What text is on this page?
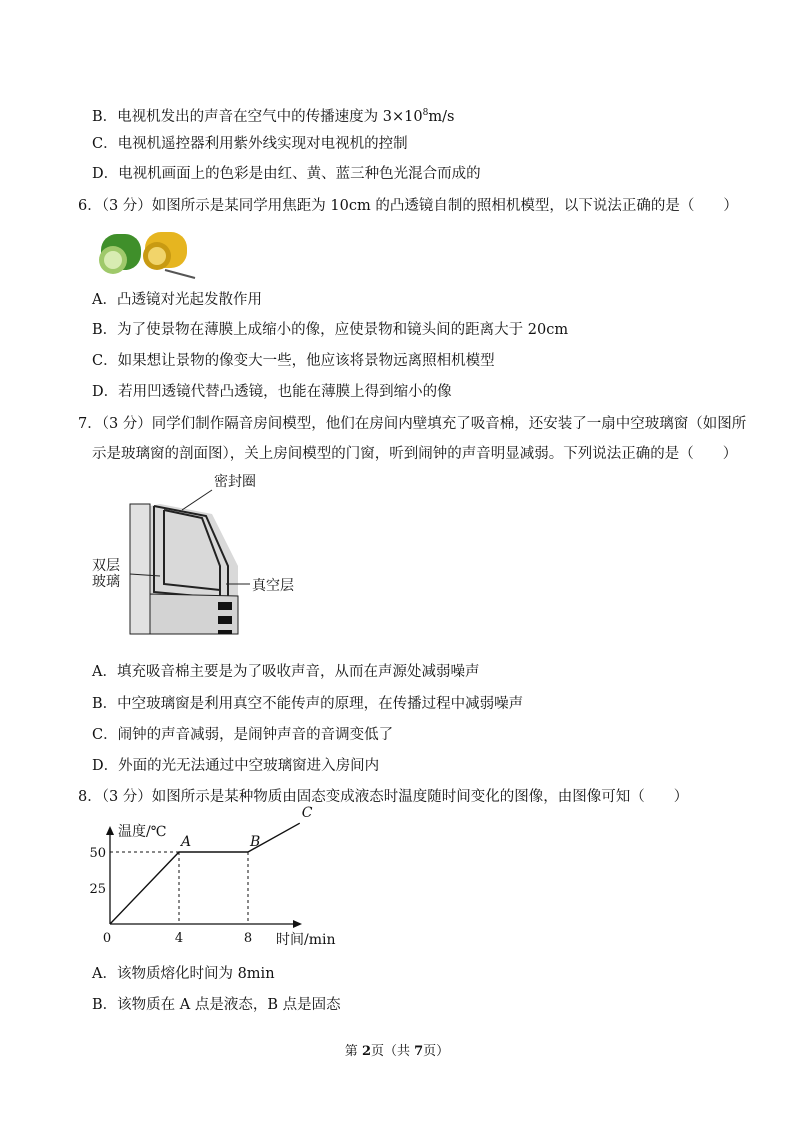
B．电视机发出的声音在空气中的传播速度为 $3\times 10^8m/s$
C．电视机遥控器利用紫外线实现对电视机的控制
D．电视机画面上的色彩是由红、黄、蓝三种色光混合而成的
6．（3 分）如图所示是某同学用焦距为 10cm 的凸透镜自制的照相机模型，以下说法正确的是（　　）
A．凸透镜对光起发散作用
B．为了使景物在薄膜上成缩小的像，应使景物和镜头间的距离大于 20cm
C．如果想让景物的像变大一些，他应该将景物远离照相机模型
D．若用凹透镜代替凸透镜，也能在薄膜上得到缩小的像
7．（3 分）同学们制作隔音房间模型，他们在房间内壁填充了吸音棉，还安装了一扇中空玻璃窗（如图所
示是玻璃窗的剖面图），关上房间模型的门窗，听到闹钟的声音明显减弱。下列说法正确的是（　　）
密封圈
双层
玻璃	真空层
A．填充吸音棉主要是为了吸收声音，从而在声源处减弱噪声
B．中空玻璃窗是利用真空不能传声的原理，在传播过程中减弱噪声
C．闹钟的声音减弱，是闹钟声音的音调变低了
D．外面的光无法通过中空玻璃窗进入房间内
8．（3 分）如图所示是某种物质由固态变成液态时温度随时间变化的图像，由图像可知（　　）
25
50
0	4	8
温度/℃
时间/min
A	B
C
A．该物质熔化时间为 8min
B．该物质在 A 点是液态，B 点是固态
第 2页（共 7页）
